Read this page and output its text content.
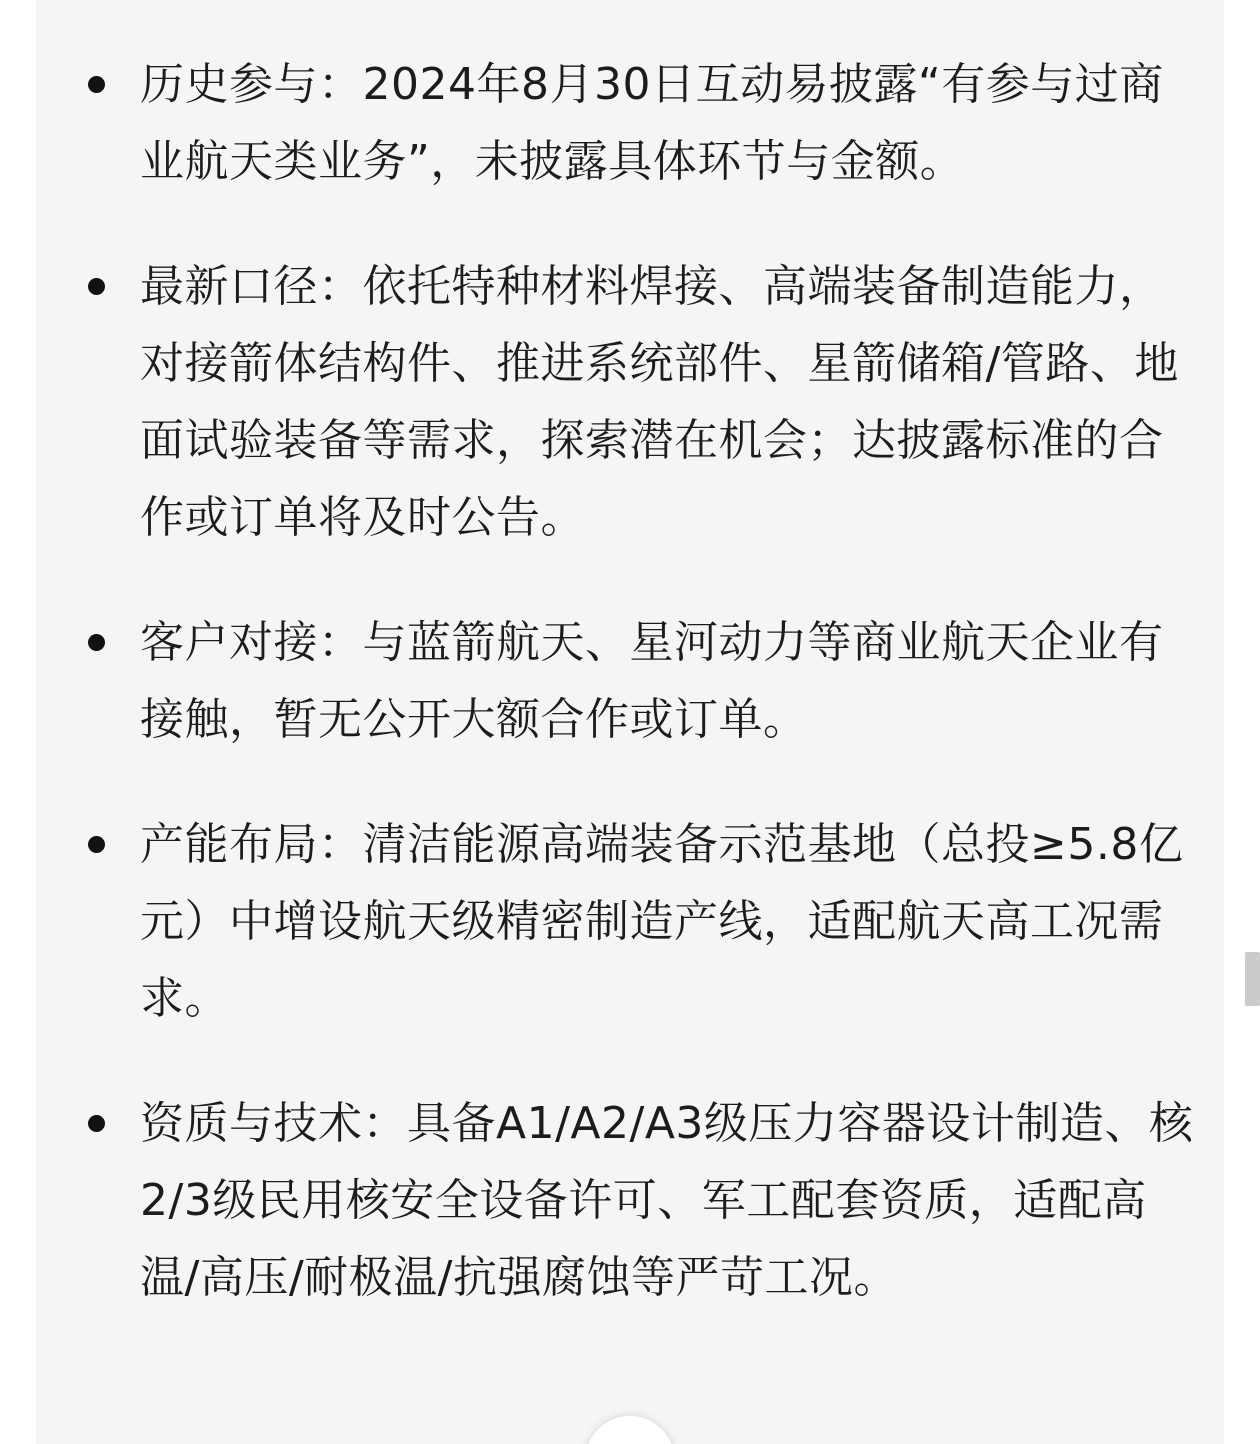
历史参与：2024年8月30日互动易披露“有参与过商业航天类业务”，未披露具体环节与金额。
最新口径：依托特种材料焊接、高端装备制造能力，对接箭体结构件、推进系统部件、星箭储箱/管路、地面试验装备等需求，探索潜在机会；达披露标准的合作或订单将及时公告。
客户对接：与蓝箭航天、星河动力等商业航天企业有接触，暂无公开大额合作或订单。
产能布局：清洁能源高端装备示范基地（总投≥5.8亿元）中增设航天级精密制造产线，适配航天高工况需求。
资质与技术：具备A1/A2/A3级压力容器设计制造、核2/3级民用核安全设备许可、军工配套资质，适配高温/高压/耐极温/抗强腐蚀等严苛工况。
